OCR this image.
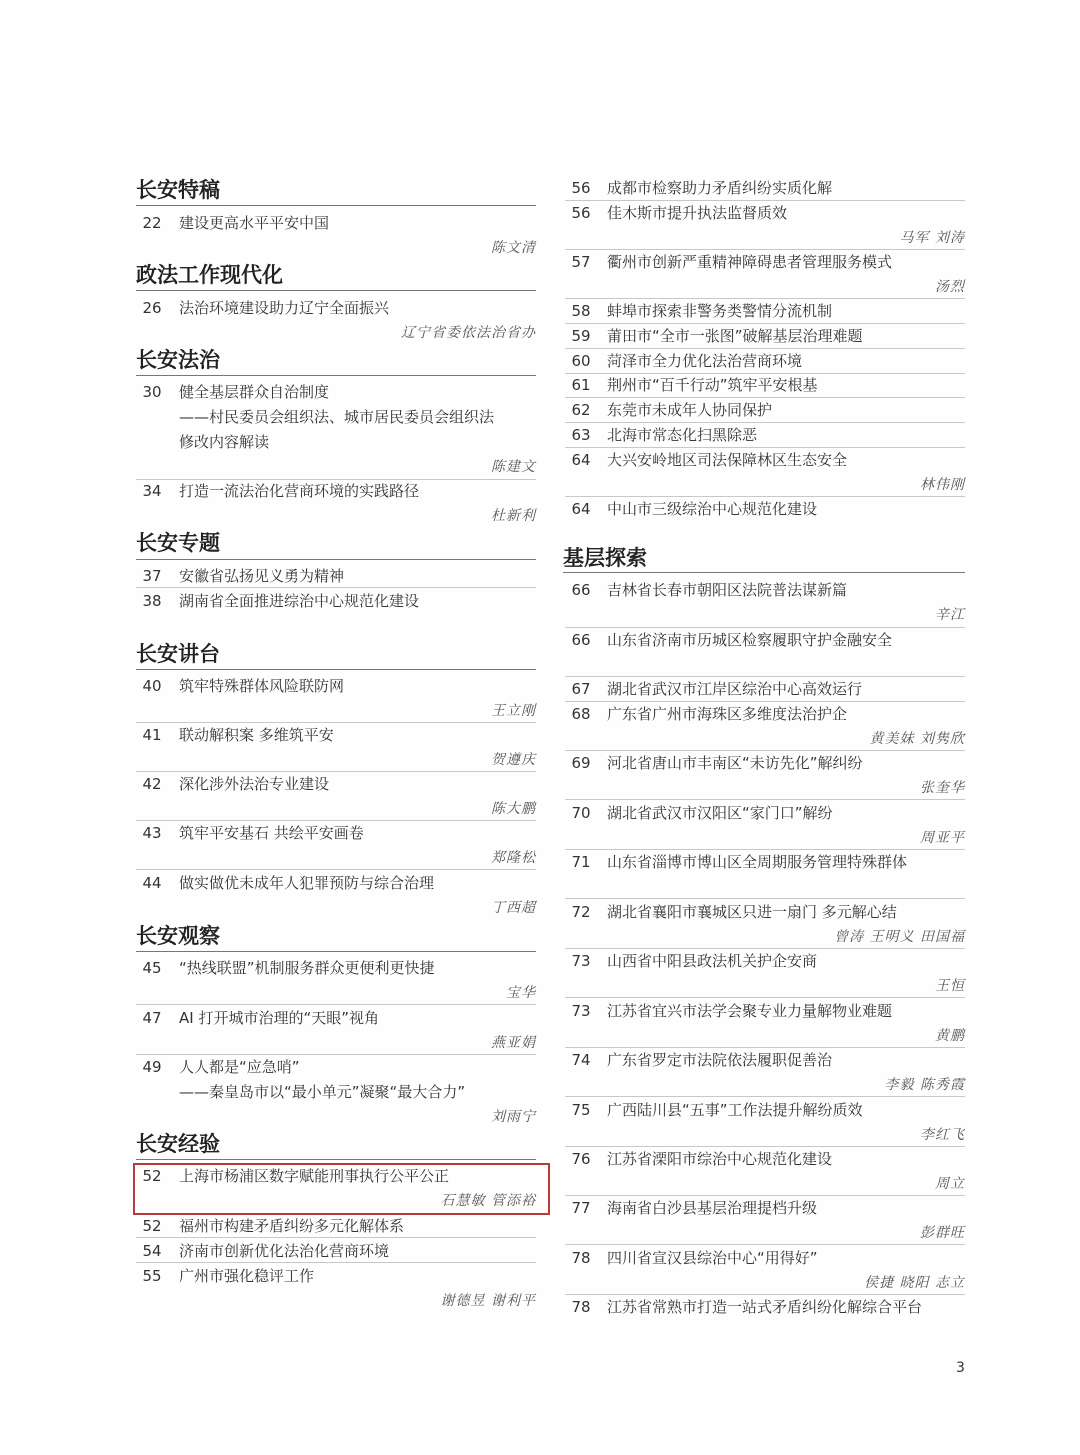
长安特稿
22	建设更高水平平安中国
陈文清
政法工作现代化
26	法治环境建设助力辽宁全面振兴
辽宁省委依法治省办
长安法治
30	健全基层群众自治制度
——村民委员会组织法、城市居民委员会组织法
修改内容解读
陈建文
34	打造一流法治化营商环境的实践路径
杜新利
长安专题
37	安徽省弘扬见义勇为精神
38	湖南省全面推进综治中心规范化建设
长安讲台
40	筑牢特殊群体风险联防网
王立刚
41	联动解积案 多维筑平安
贺遵庆
42	深化涉外法治专业建设
陈大鹏
43	筑牢平安基石 共绘平安画卷
郑隆松
44	做实做优未成年人犯罪预防与综合治理
丁西超
长安观察
45	“热线联盟”机制服务群众更便利更快捷
宝华
47	AI 打开城市治理的“天眼”视角
燕亚娟
49	人人都是“应急哨”
——秦皇岛市以“最小单元”凝聚“最大合力”
刘雨宁
长安经验
52	上海市杨浦区数字赋能刑事执行公平公正
石慧敏 管添裕
52	福州市构建矛盾纠纷多元化解体系
54	济南市创新优化法治化营商环境
55	广州市强化稳评工作
谢德昱 谢利平
56	成都市检察助力矛盾纠纷实质化解
56	佳木斯市提升执法监督质效
马军 刘涛
57	衢州市创新严重精神障碍患者管理服务模式
汤烈
58	蚌埠市探索非警务类警情分流机制
59	莆田市“全市一张图”破解基层治理难题
60	菏泽市全力优化法治营商环境
61	荆州市“百千行动”筑牢平安根基
62	东莞市未成年人协同保护
63	北海市常态化扫黑除恶
64	大兴安岭地区司法保障林区生态安全
林伟刚
64	中山市三级综治中心规范化建设
基层探索
66	吉林省长春市朝阳区法院普法谋新篇
辛江
66	山东省济南市历城区检察履职守护金融安全
67	湖北省武汉市江岸区综治中心高效运行
68	广东省广州市海珠区多维度法治护企
黄美妹 刘隽欣
69	河北省唐山市丰南区“未访先化”解纠纷
张奎华
70	湖北省武汉市汉阳区“家门口”解纷
周亚平
71	山东省淄博市博山区全周期服务管理特殊群体
72	湖北省襄阳市襄城区只进一扇门 多元解心结
曾涛 王明义 田国福
73	山西省中阳县政法机关护企安商
王恒
73	江苏省宜兴市法学会聚专业力量解物业难题
黄鹏
74	广东省罗定市法院依法履职促善治
李毅 陈秀霞
75	广西陆川县“五事”工作法提升解纷质效
李红飞
76	江苏省溧阳市综治中心规范化建设
周立
77	海南省白沙县基层治理提档升级
彭群旺
78	四川省宣汉县综治中心“用得好”
侯捷 晓阳 志立
78	江苏省常熟市打造一站式矛盾纠纷化解综合平台
3
